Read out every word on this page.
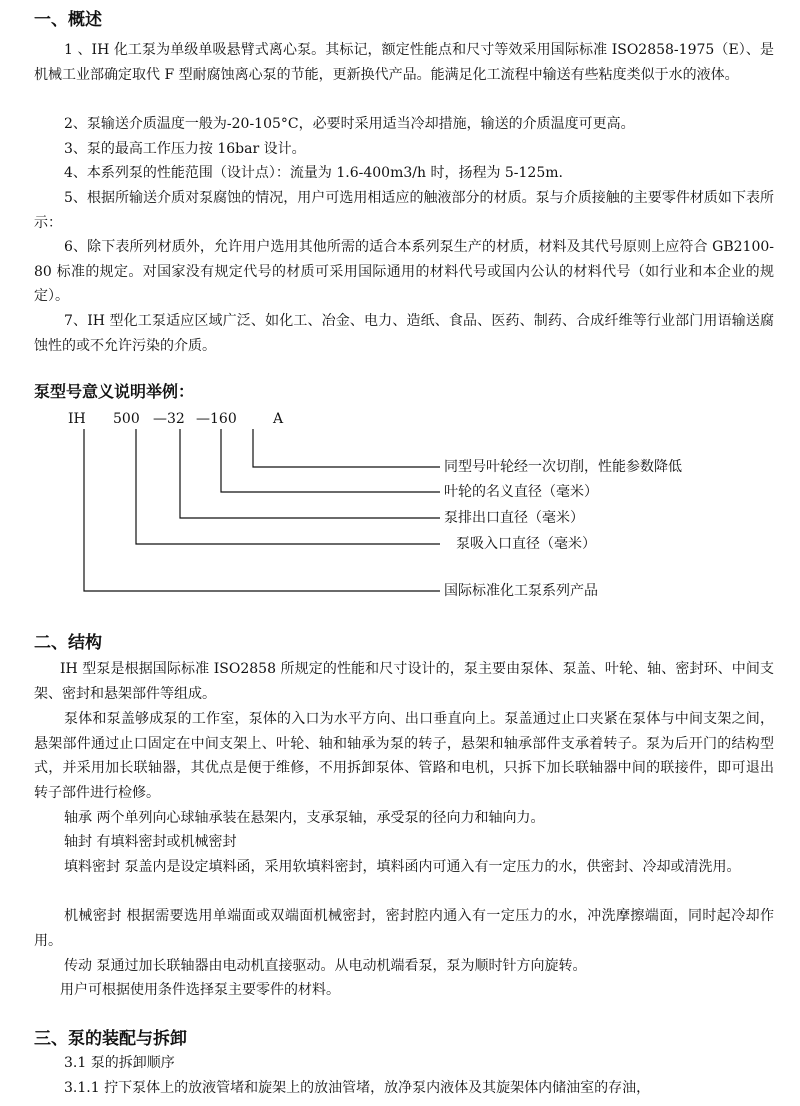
一、概述

1 、IH 化工泵为单级单吸悬臂式离心泵。其标记，额定性能点和尺寸等效采用国际标准 ISO2858-1975（E）、是机械工业部确定取代 F 型耐腐蚀离心泵的节能，更新换代产品。能满足化工流程中输送有些粘度类似于水的液体。

2、泵输送介质温度一般为-20-105°C，必要时采用适当冷却措施，输送的介质温度可更高。

3、泵的最高工作压力按 16bar 设计。

4、本系列泵的性能范围（设计点）：流量为 1.6-400m3/h 时，扬程为 5-125m.

5、根据所输送介质对泵腐蚀的情况，用户可选用相适应的触液部分的材质。泵与介质接触的主要零件材质如下表所示：

6、除下表所列材质外，允许用户选用其他所需的适合本系列泵生产的材质，材料及其代号原则上应符合 GB2100-80 标准的规定。对国家没有规定代号的材质可采用国际通用的材料代号或国内公认的材料代号（如行业和本企业的规定）。

7、IH 型化工泵适应区域广泛、如化工、冶金、电力、造纸、食品、医药、制药、合成纤维等行业部门用语输送腐蚀性的或不允许污染的介质。

泵型号意义说明举例：
IH 500 —32 —160	A
同型号叶轮经一次切削，性能参数降低
叶轮的名义直径（毫米）
泵排出口直径（毫米）
泵吸入口直径（毫米）
国际标准化工泵系列产品
二、结构

IH 型泵是根据国际标准 ISO2858 所规定的性能和尺寸设计的，泵主要由泵体、泵盖、叶轮、轴、密封环、中间支架、密封和悬架部件等组成。

泵体和泵盖够成泵的工作室，泵体的入口为水平方向、出口垂直向上。泵盖通过止口夹紧在泵体与中间支架之间，悬架部件通过止口固定在中间支架上、叶轮、轴和轴承为泵的转子，悬架和轴承部件支承着转子。泵为后开门的结构型式，并采用加长联轴器，其优点是便于维修，不用拆卸泵体、管路和电机，只拆下加长联轴器中间的联接件，即可退出转子部件进行检修。

轴承 两个单列向心球轴承装在悬架内，支承泵轴，承受泵的径向力和轴向力。

轴封 有填料密封或机械密封

填料密封 泵盖内是设定填料函，采用软填料密封，填料函内可通入有一定压力的水，供密封、冷却或清洗用。

机械密封 根据需要选用单端面或双端面机械密封，密封腔内通入有一定压力的水，冲洗摩擦端面，同时起冷却作用。

传动 泵通过加长联轴器由电动机直接驱动。从电动机端看泵，泵为顺时针方向旋转。

用户可根据使用条件选择泵主要零件的材料。

三、泵的装配与拆卸

3.1 泵的拆卸顺序

3.1.1 拧下泵体上的放液管堵和旋架上的放油管堵，放净泵内液体及其旋架体内储油室的存油，
